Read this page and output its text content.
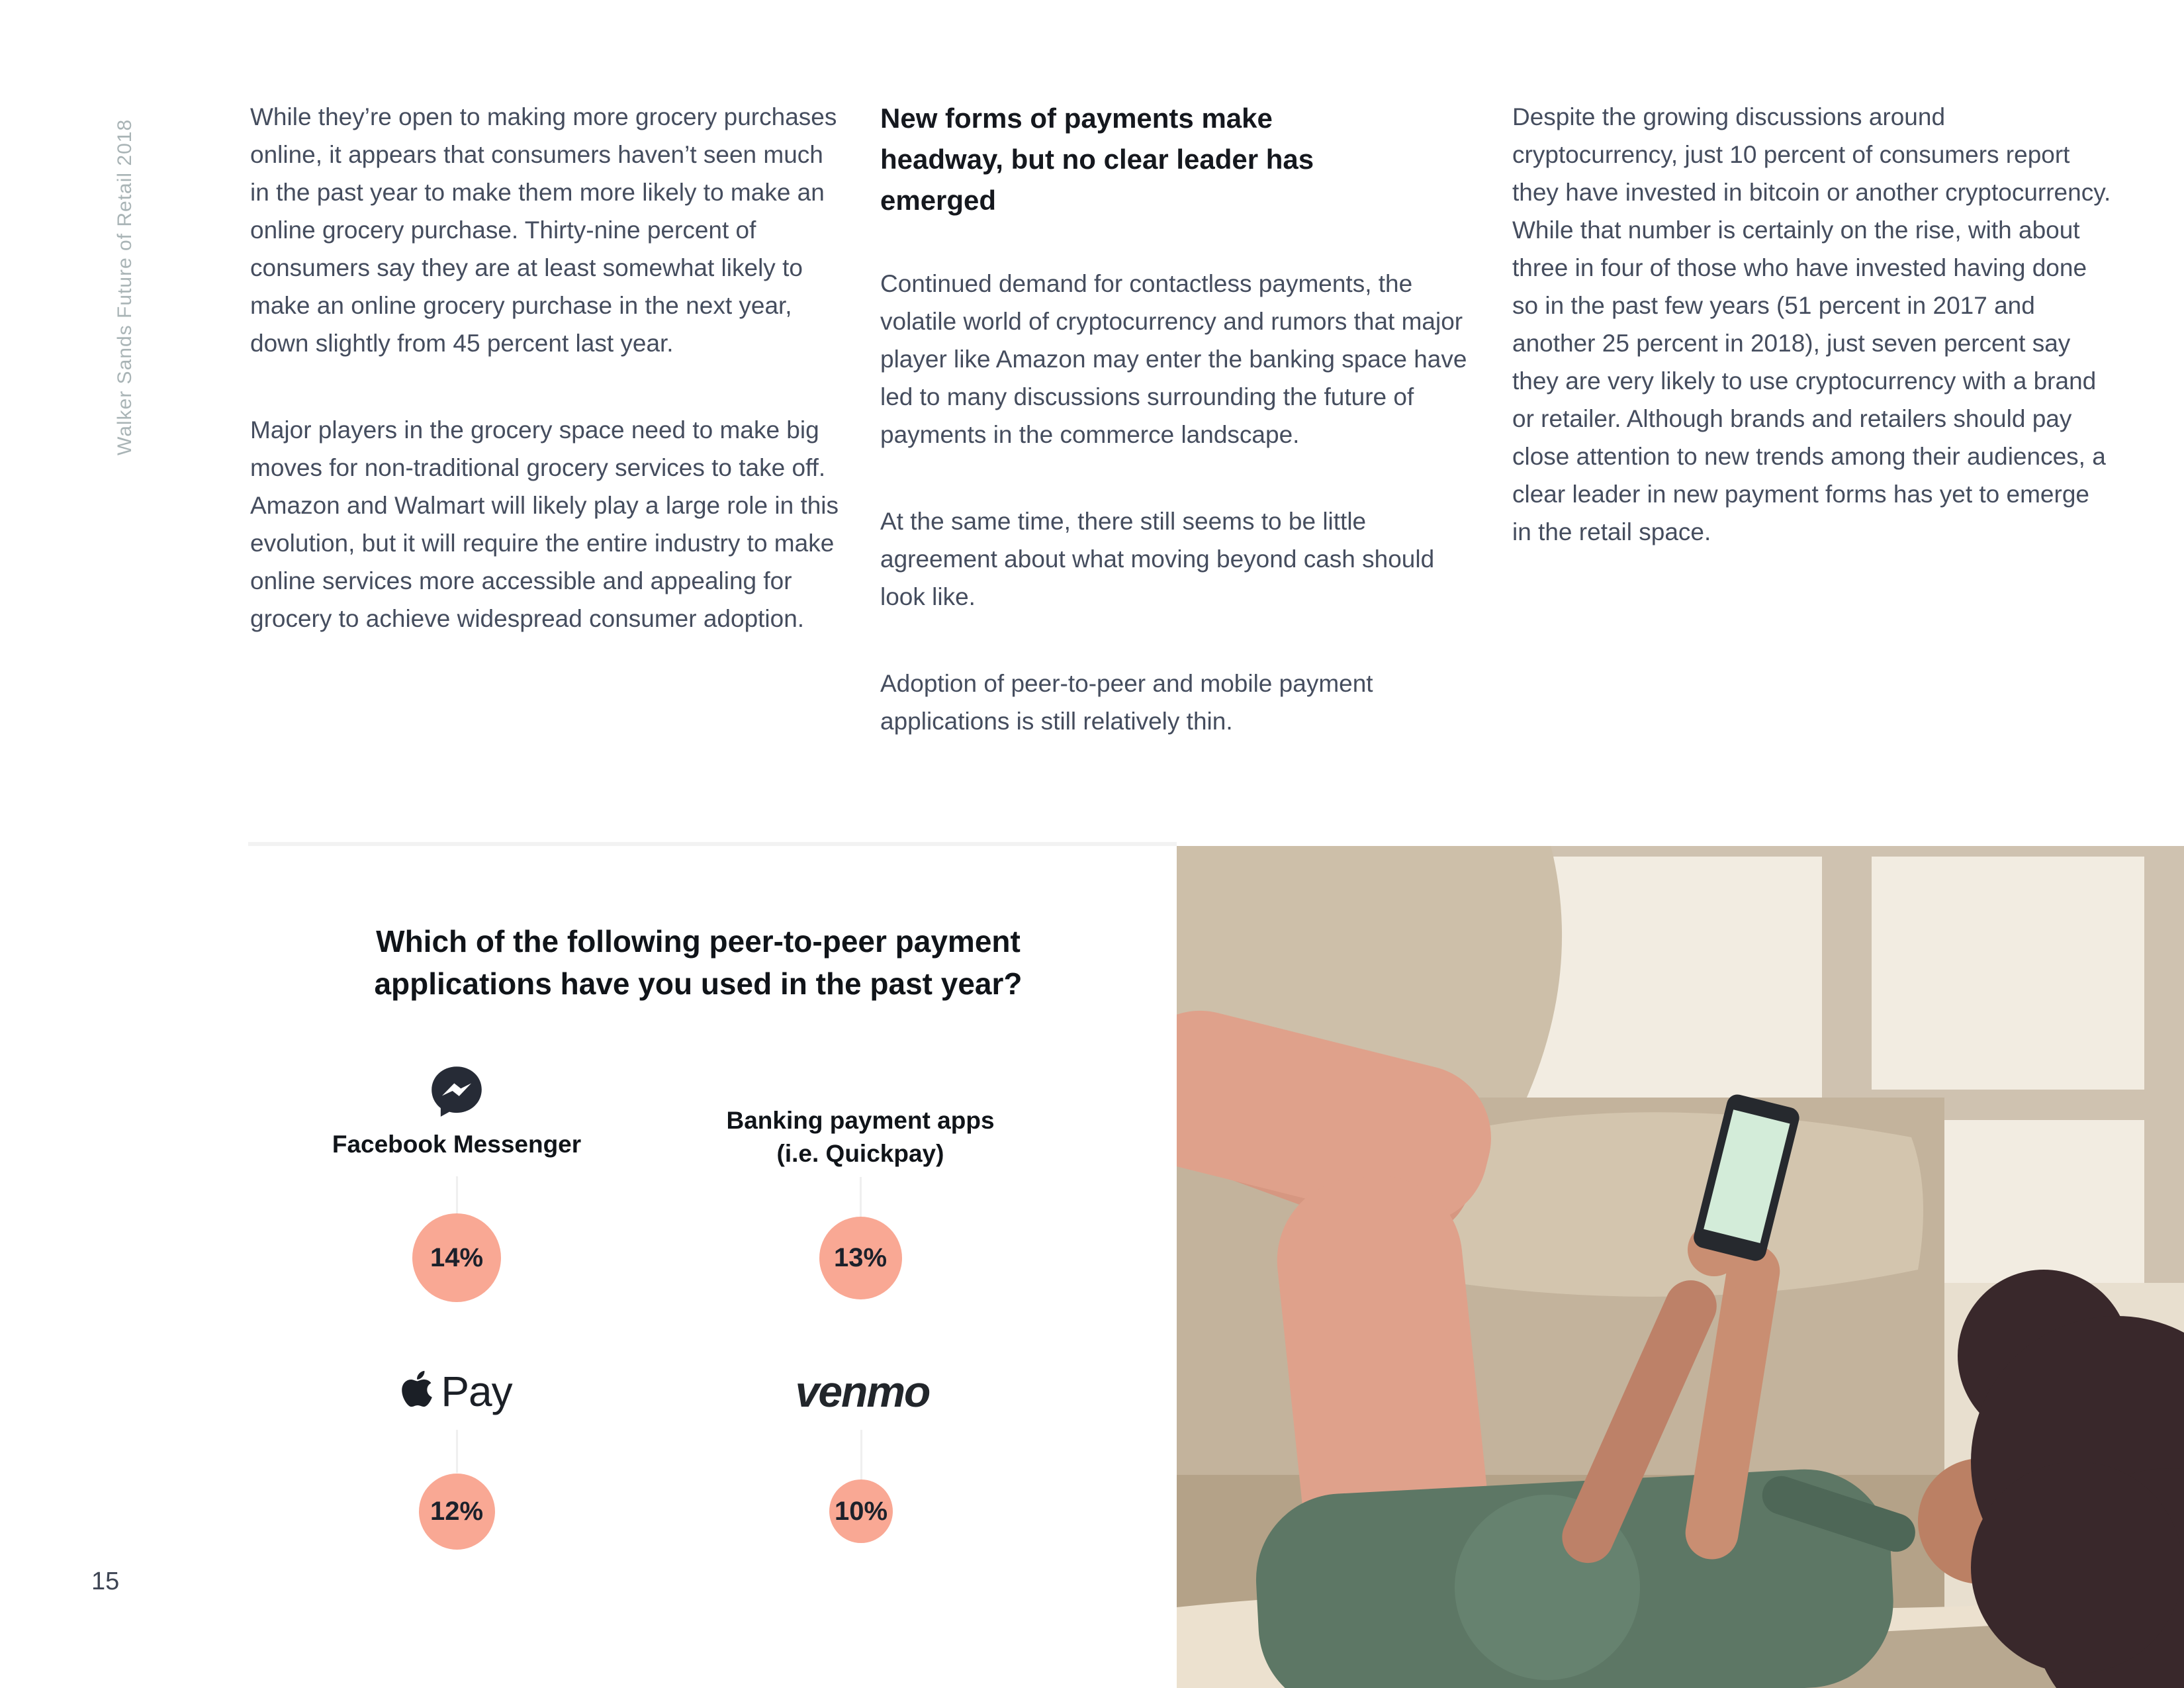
Walker Sands Future of Retail 2018

While they’re open to making more grocery purchases online, it appears that consumers haven’t seen much in the past year to make them more likely to make an online grocery purchase. Thirty-nine percent of consumers say they are at least somewhat likely to make an online grocery purchase in the next year, down slightly from 45 percent last year.

Major players in the grocery space need to make big moves for non-traditional grocery services to take off. Amazon and Walmart will likely play a large role in this evolution, but it will require the entire industry to make online services more accessible and appealing for grocery to achieve widespread consumer adoption.

New forms of payments make headway, but no clear leader has emerged

Continued demand for contactless payments, the volatile world of cryptocurrency and rumors that major player like Amazon may enter the banking space have led to many discussions surrounding the future of payments in the commerce landscape.

At the same time, there still seems to be little agreement about what moving beyond cash should look like.

Adoption of peer-to-peer and mobile payment applications is still relatively thin.

Despite the growing discussions around cryptocurrency, just 10 percent of consumers report they have invested in bitcoin or another cryptocurrency. While that number is certainly on the rise, with about three in four of those who have invested having done so in the past few years (51 percent in 2017 and another 25 percent in 2018), just seven percent say they are very likely to use cryptocurrency with a brand or retailer. Although brands and retailers should pay close attention to new trends among their audiences, a clear leader in new payment forms has yet to emerge in the retail space.

Which of the following peer-to-peer payment
applications have you used in the past year?
Facebook Messenger
Banking payment apps
(i.e. Quickpay)
Pay	venmo
14%	13%
12%	10%
15
